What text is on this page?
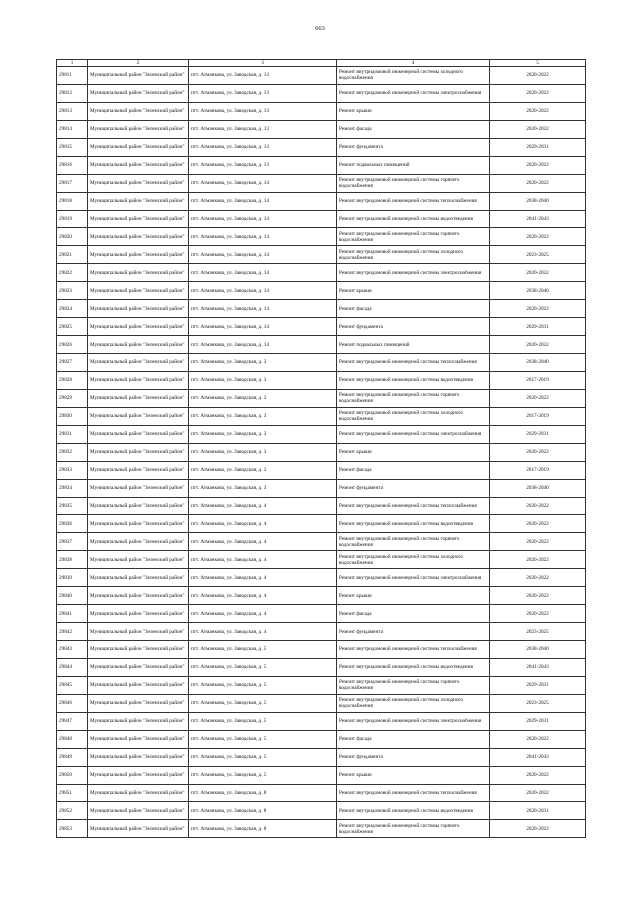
663
1	2	3	4	5
29811	Муниципальный район "Зеленский район"	пгт. Атманкова, ул. Заводская, д. 13	Ремонт внутридомовой инженерной системы холодного водоснабжения	2020-2022
29812	Муниципальный район "Зеленский район"	пгт. Атманкова, ул. Заводская, д. 13	Ремонт внутридомовой инженерной системы электроснабжения	2020-2022
29813	Муниципальный район "Зеленский район"	пгт. Атманкова, ул. Заводская, д. 13	Ремонт крыши	2020-2022
29814	Муниципальный район "Зеленский район"	пгт. Атманкова, ул. Заводская, д. 13	Ремонт фасада	2020-2022
29815	Муниципальный район "Зеленский район"	пгт. Атманкова, ул. Заводская, д. 13	Ремонт фундамента	2029-2031
29816	Муниципальный район "Зеленский район"	пгт. Атманкова, ул. Заводская, д. 13	Ремонт подвальных помещений	2020-2022
29817	Муниципальный район "Зеленский район"	пгт. Атманкова, ул. Заводская, д. 14	Ремонт внутридомовой инженерной системы горячего водоснабжения	2020-2022
29818	Муниципальный район "Зеленский район"	пгт. Атманкова, ул. Заводская, д. 14	Ремонт внутридомовой инженерной системы теплоснабжения	2038-2040
29819	Муниципальный район "Зеленский район"	пгт. Атманкова, ул. Заводская, д. 14	Ремонт внутридомовой инженерной системы водоотведения	2041-2043
29820	Муниципальный район "Зеленский район"	пгт. Атманкова, ул. Заводская, д. 14	Ремонт внутридомовой инженерной системы горячего водоснабжения	2020-2022
29821	Муниципальный район "Зеленский район"	пгт. Атманкова, ул. Заводская, д. 14	Ремонт внутридомовой инженерной системы холодного водоснабжения	2023-2025
29822	Муниципальный район "Зеленский район"	пгт. Атманкова, ул. Заводская, д. 14	Ремонт внутридомовой инженерной системы электроснабжения	2020-2022
29823	Муниципальный район "Зеленский район"	пгт. Атманкова, ул. Заводская, д. 14	Ремонт крыши	2038-2040
29824	Муниципальный район "Зеленский район"	пгт. Атманкова, ул. Заводская, д. 14	Ремонт фасада	2020-2022
29825	Муниципальный район "Зеленский район"	пгт. Атманкова, ул. Заводская, д. 14	Ремонт фундамента	2029-2031
29826	Муниципальный район "Зеленский район"	пгт. Атманкова, ул. Заводская, д. 14	Ремонт подвальных помещений	2020-2022
29827	Муниципальный район "Зеленский район"	пгт. Атманкова, ул. Заводская, д. 3	Ремонт внутридомовой инженерной системы теплоснабжения	2038-2040
29828	Муниципальный район "Зеленский район"	пгт. Атманкова, ул. Заводская, д. 3	Ремонт внутридомовой инженерной системы водоотведения	2017-2019
29829	Муниципальный район "Зеленский район"	пгт. Атманкова, ул. Заводская, д. 3	Ремонт внутридомовой инженерной системы горячего водоснабжения	2020-2022
29830	Муниципальный район "Зеленский район"	пгт. Атманкова, ул. Заводская, д. 3	Ремонт внутридомовой инженерной системы холодного водоснабжения	2017-2019
29831	Муниципальный район "Зеленский район"	пгт. Атманкова, ул. Заводская, д. 3	Ремонт внутридомовой инженерной системы электроснабжения	2029-2031
29832	Муниципальный район "Зеленский район"	пгт. Атманкова, ул. Заводская, д. 3	Ремонт крыши	2020-2022
29833	Муниципальный район "Зеленский район"	пгт. Атманкова, ул. Заводская, д. 3	Ремонт фасада	2017-2019
29834	Муниципальный район "Зеленский район"	пгт. Атманкова, ул. Заводская, д. 3	Ремонт фундамента	2038-2040
29835	Муниципальный район "Зеленский район"	пгт. Атманкова, ул. Заводская, д. 4	Ремонт внутридомовой инженерной системы теплоснабжения	2020-2022
29836	Муниципальный район "Зеленский район"	пгт. Атманкова, ул. Заводская, д. 4	Ремонт внутридомовой инженерной системы водоотведения	2020-2022
29837	Муниципальный район "Зеленский район"	пгт. Атманкова, ул. Заводская, д. 4	Ремонт внутридомовой инженерной системы горячего водоснабжения	2020-2022
29838	Муниципальный район "Зеленский район"	пгт. Атманкова, ул. Заводская, д. 4	Ремонт внутридомовой инженерной системы холодного водоснабжения	2020-2022
29839	Муниципальный район "Зеленский район"	пгт. Атманкова, ул. Заводская, д. 4	Ремонт внутридомовой инженерной системы электроснабжения	2020-2022
29840	Муниципальный район "Зеленский район"	пгт. Атманкова, ул. Заводская, д. 4	Ремонт крыши	2020-2022
29841	Муниципальный район "Зеленский район"	пгт. Атманкова, ул. Заводская, д. 4	Ремонт фасада	2020-2022
29842	Муниципальный район "Зеленский район"	пгт. Атманкова, ул. Заводская, д. 4	Ремонт фундамента	2023-2025
29843	Муниципальный район "Зеленский район"	пгт. Атманкова, ул. Заводская, д. 5	Ремонт внутридомовой инженерной системы теплоснабжения	2038-2040
29844	Муниципальный район "Зеленский район"	пгт. Атманкова, ул. Заводская, д. 5	Ремонт внутридомовой инженерной системы водоотведения	2041-2043
29845	Муниципальный район "Зеленский район"	пгт. Атманкова, ул. Заводская, д. 5	Ремонт внутридомовой инженерной системы горячего водоснабжения	2029-2031
29846	Муниципальный район "Зеленский район"	пгт. Атманкова, ул. Заводская, д. 5	Ремонт внутридомовой инженерной системы холодного водоснабжения	2023-2025
29847	Муниципальный район "Зеленский район"	пгт. Атманкова, ул. Заводская, д. 5	Ремонт внутридомовой инженерной системы электроснабжения	2029-2031
29848	Муниципальный район "Зеленский район"	пгт. Атманкова, ул. Заводская, д. 5	Ремонт фасада	2020-2022
29849	Муниципальный район "Зеленский район"	пгт. Атманкова, ул. Заводская, д. 5	Ремонт фундамента	2041-2043
29850	Муниципальный район "Зеленский район"	пгт. Атманкова, ул. Заводская, д. 5	Ремонт крыши	2020-2022
29851	Муниципальный район "Зеленский район"	пгт. Атманкова, ул. Заводская, д. 8	Ремонт внутридомовой инженерной системы теплоснабжения	2020-2022
29852	Муниципальный район "Зеленский район"	пгт. Атманкова, ул. Заводская, д. 8	Ремонт внутридомовой инженерной системы водоотведения	2020-2031
29853	Муниципальный район "Зеленский район"	пгт. Атманкова, ул. Заводская, д. 8	Ремонт внутридомовой инженерной системы горячего водоснабжения	2020-2022
